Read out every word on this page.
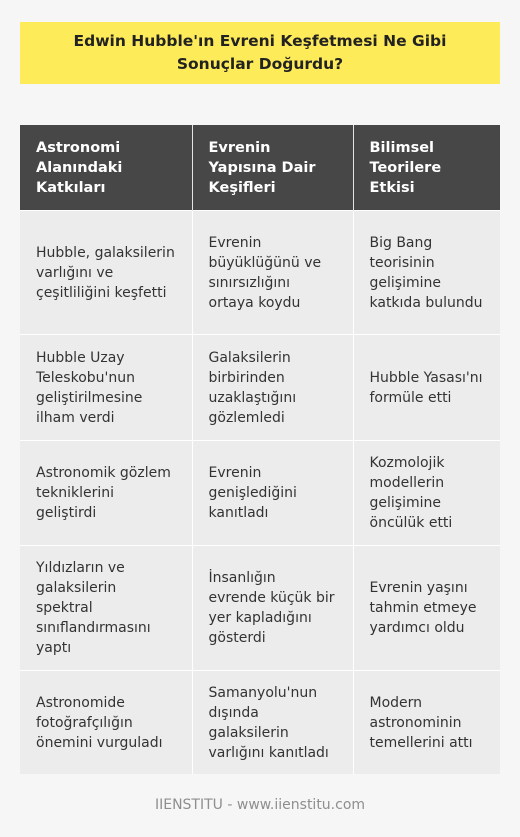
Edwin Hubble'ın Evreni Keşfetmesi Ne Gibi Sonuçlar Doğurdu?
Astronomi Alanındaki Katkıları	Evrenin Yapısına Dair Keşifleri	Bilimsel Teorilere Etkisi
Hubble, galaksilerin varlığını ve çeşitliliğini keşfetti	Evrenin büyüklüğünü ve sınırsızlığını ortaya koydu	Big Bang teorisinin gelişimine katkıda bulundu
Hubble Uzay Teleskobu'nun geliştirilmesine ilham verdi	Galaksilerin birbirinden uzaklaştığını gözlemledi	Hubble Yasası'nı formüle etti
Astronomik gözlem tekniklerini geliştirdi	Evrenin genişlediğini kanıtladı	Kozmolojik modellerin gelişimine öncülük etti
Yıldızların ve galaksilerin spektral sınıflandırmasını yaptı	İnsanlığın evrende küçük bir yer kapladığını gösterdi	Evrenin yaşını tahmin etmeye yardımcı oldu
Astronomide fotoğrafçılığın önemini vurguladı	Samanyolu'nun dışında galaksilerin varlığını kanıtladı	Modern astronominin temellerini attı
IIENSTITU - www.iienstitu.com
